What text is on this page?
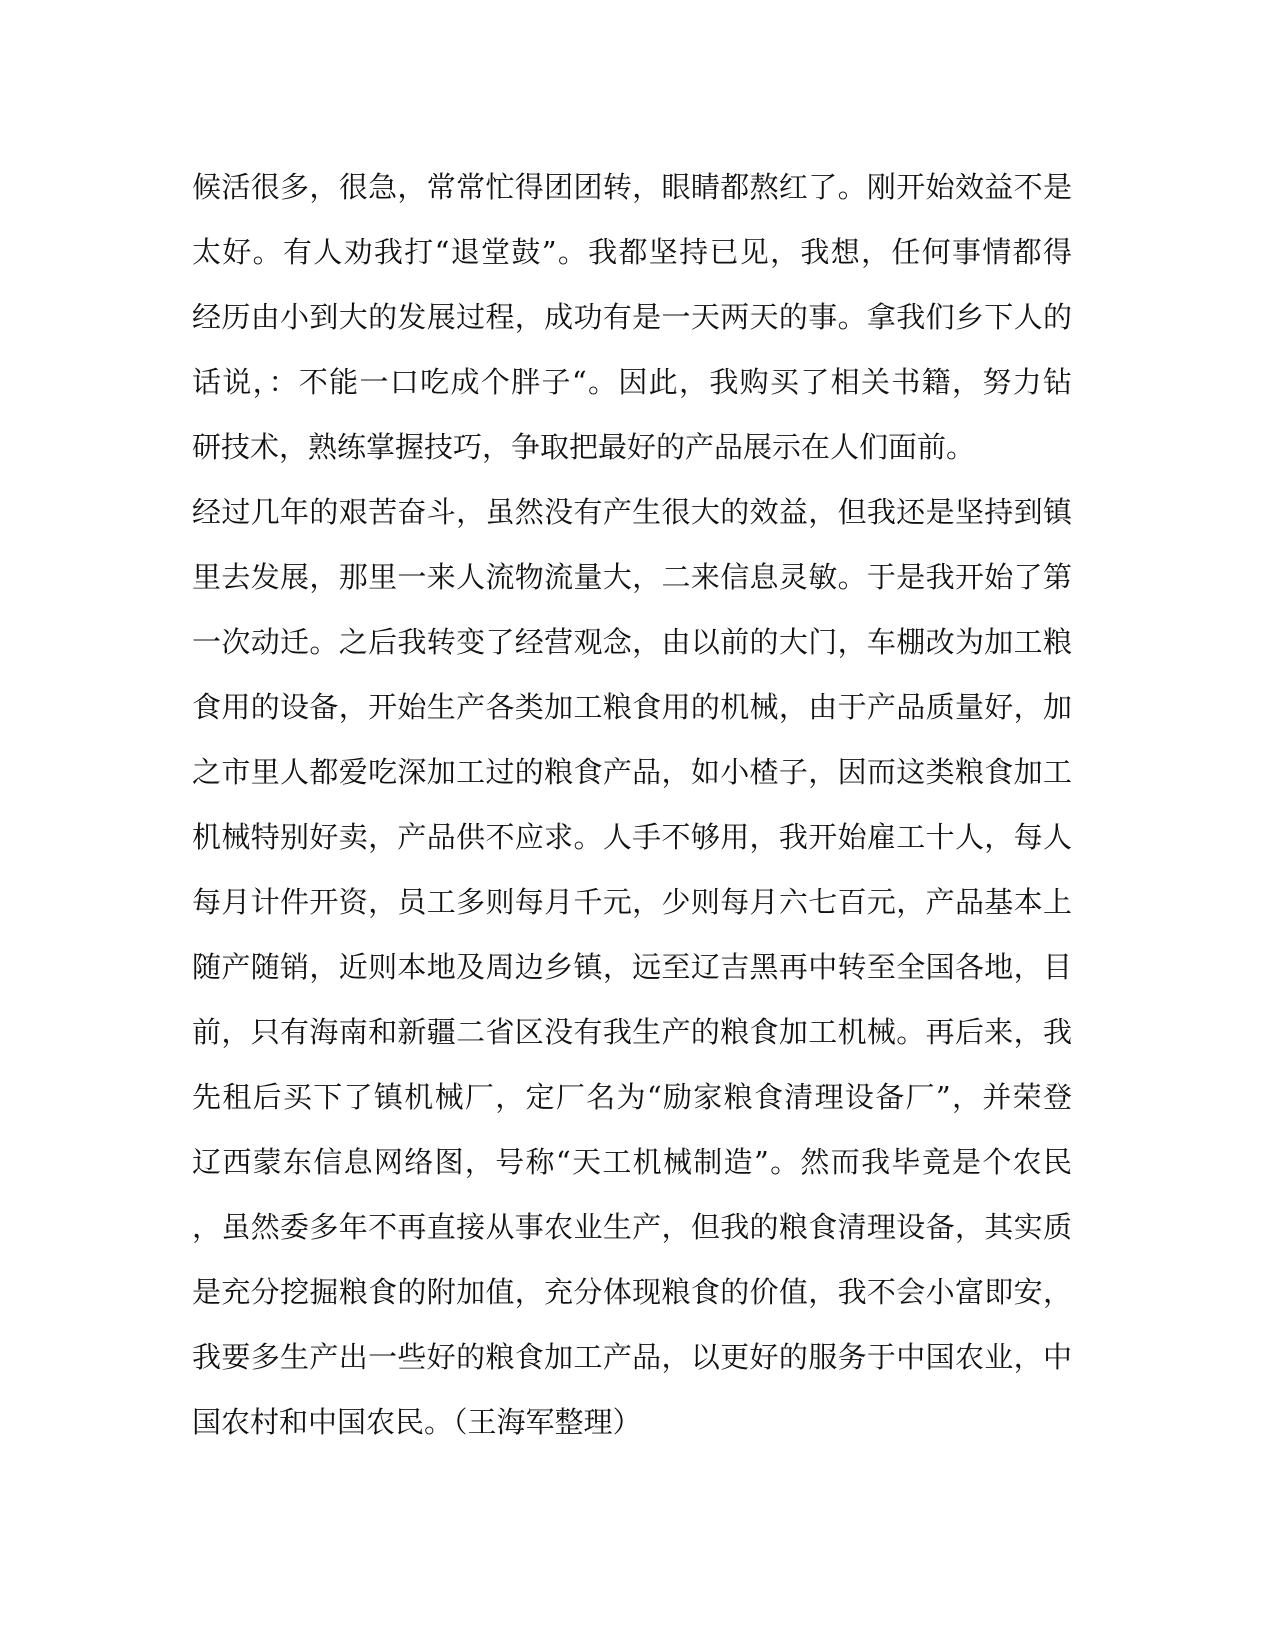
候活很多，很急，常常忙得团团转，眼睛都熬红了。刚开始效益不是
太好。有人劝我打“退堂鼓”。我都坚持已见，我想，任何事情都得
经历由小到大的发展过程，成功有是一天两天的事。拿我们乡下人的
话说，：不能一口吃成个胖子“。因此，我购买了相关书籍，努力钻
研技术，熟练掌握技巧，争取把最好的产品展示在人们面前。
经过几年的艰苦奋斗，虽然没有产生很大的效益，但我还是坚持到镇
里去发展，那里一来人流物流量大，二来信息灵敏。于是我开始了第
一次动迁。之后我转变了经营观念，由以前的大门，车棚改为加工粮
食用的设备，开始生产各类加工粮食用的机械，由于产品质量好，加
之市里人都爱吃深加工过的粮食产品，如小楂子，因而这类粮食加工
机械特别好卖，产品供不应求。人手不够用，我开始雇工十人，每人
每月计件开资，员工多则每月千元，少则每月六七百元，产品基本上
随产随销，近则本地及周边乡镇，远至辽吉黑再中转至全国各地，目
前，只有海南和新疆二省区没有我生产的粮食加工机械。再后来，我
先租后买下了镇机械厂，定厂名为“励家粮食清理设备厂”，并荣登
辽西蒙东信息网络图，号称“天工机械制造”。然而我毕竟是个农民
，虽然委多年不再直接从事农业生产，但我的粮食清理设备，其实质
是充分挖掘粮食的附加值，充分体现粮食的价值，我不会小富即安，
我要多生产出一些好的粮食加工产品，以更好的服务于中国农业，中
国农村和中国农民。（王海军整理）
